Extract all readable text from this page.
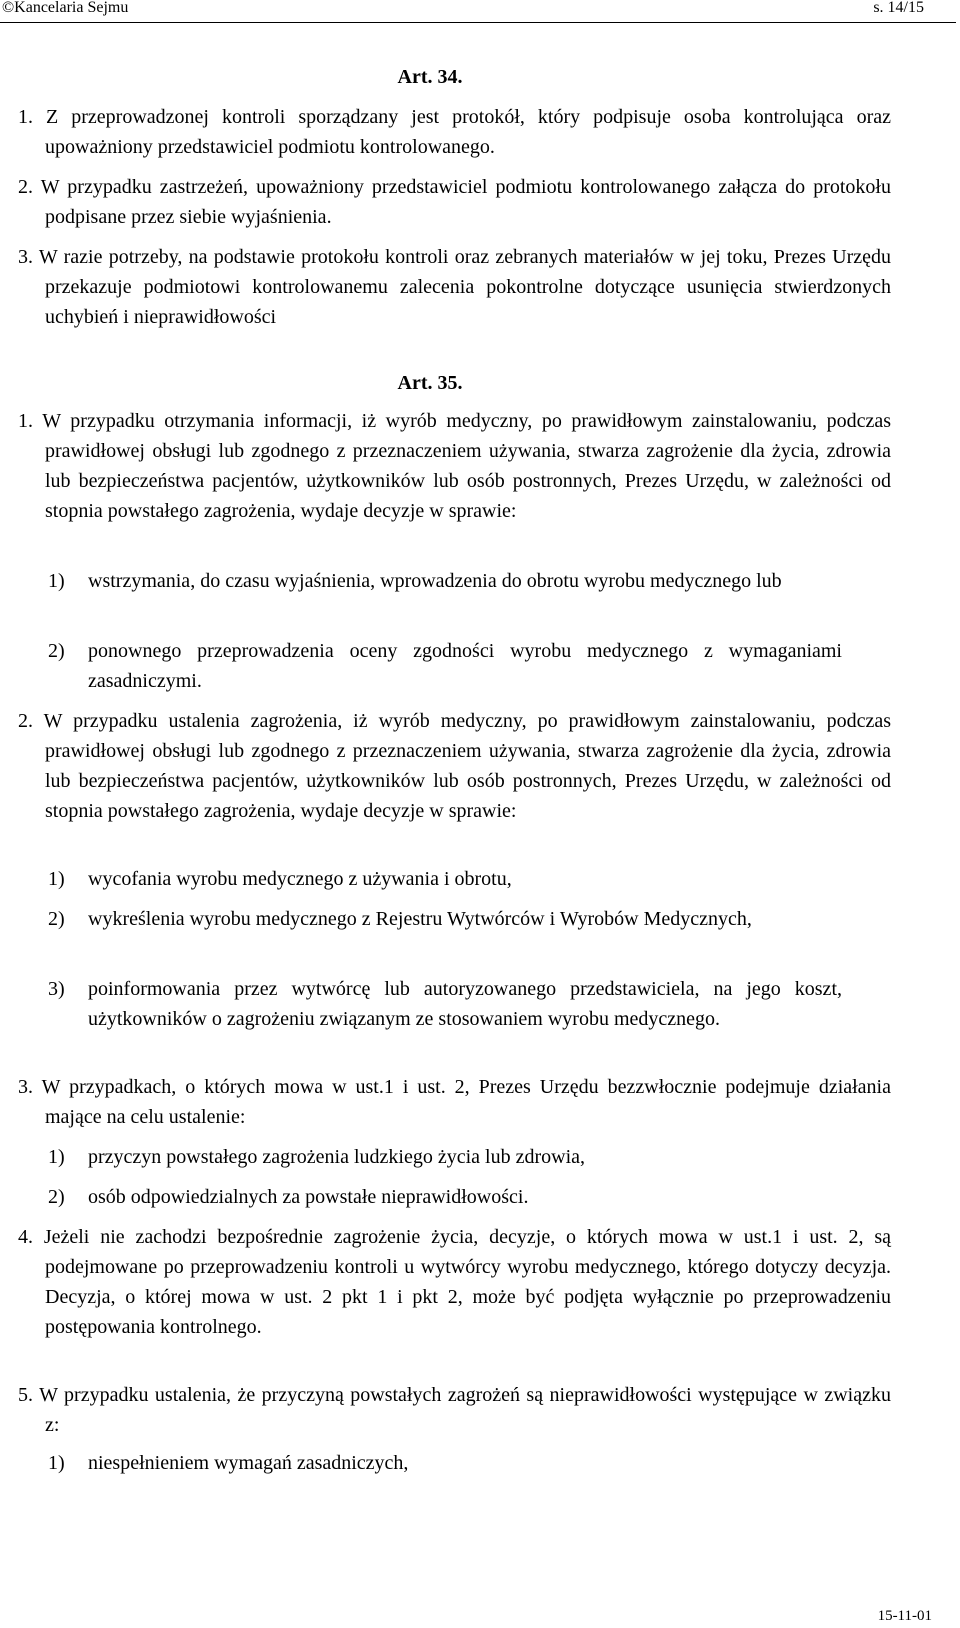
©Kancelaria Sejmu	s. 14/15
Art. 34.
1. Z przeprowadzonej kontroli sporządzany jest protokół, który podpisuje osoba kontrolująca oraz upoważniony przedstawiciel podmiotu kontrolowanego.
2. W przypadku zastrzeżeń, upoważniony przedstawiciel podmiotu kontrolowanego załącza do protokołu podpisane przez siebie wyjaśnienia.
3. W razie potrzeby, na podstawie protokołu kontroli oraz zebranych materiałów w jej toku, Prezes Urzędu przekazuje podmiotowi kontrolowanemu zalecenia pokontrolne dotyczące usunięcia stwierdzonych uchybień i nieprawidłowości
Art. 35.
1. W przypadku otrzymania informacji, iż wyrób medyczny, po prawidłowym zainstalowaniu, podczas prawidłowej obsługi lub zgodnego z przeznaczeniem używania, stwarza zagrożenie dla życia, zdrowia lub bezpieczeństwa pacjentów, użytkowników lub osób postronnych, Prezes Urzędu, w zależności od stopnia powstałego zagrożenia, wydaje decyzje w sprawie:
1)	wstrzymania, do czasu wyjaśnienia, wprowadzenia do obrotu wyrobu medycznego lub
2)	ponownego przeprowadzenia oceny zgodności wyrobu medycznego z wymaganiami zasadniczymi.
2. W przypadku ustalenia zagrożenia, iż wyrób medyczny, po prawidłowym zainstalowaniu, podczas prawidłowej obsługi lub zgodnego z przeznaczeniem używania, stwarza zagrożenie dla życia, zdrowia lub bezpieczeństwa pacjentów, użytkowników lub osób postronnych, Prezes Urzędu, w zależności od stopnia powstałego zagrożenia, wydaje decyzje w sprawie:
1)	wycofania wyrobu medycznego z używania i obrotu,
2)	wykreślenia wyrobu medycznego z Rejestru Wytwórców i Wyrobów Medycznych,
3)	poinformowania przez wytwórcę lub autoryzowanego przedstawiciela, na jego koszt, użytkowników o zagrożeniu związanym ze stosowaniem wyrobu medycznego.
3. W przypadkach, o których mowa w ust.1 i ust. 2, Prezes Urzędu bezzwłocznie podejmuje działania mające na celu ustalenie:
1)	przyczyn powstałego zagrożenia ludzkiego życia lub zdrowia,
2)	osób odpowiedzialnych za powstałe nieprawidłowości.
4. Jeżeli nie zachodzi bezpośrednie zagrożenie życia, decyzje, o których mowa w ust.1 i ust. 2, są podejmowane po przeprowadzeniu kontroli u wytwórcy wyrobu medycznego, którego dotyczy decyzja. Decyzja, o której mowa w ust. 2 pkt 1 i pkt 2, może być podjęta wyłącznie po przeprowadzeniu postępowania kontrolnego.
5. W przypadku ustalenia, że przyczyną powstałych zagrożeń są nieprawidłowości występujące w związku z:
1)	niespełnieniem wymagań zasadniczych,
15-11-01
